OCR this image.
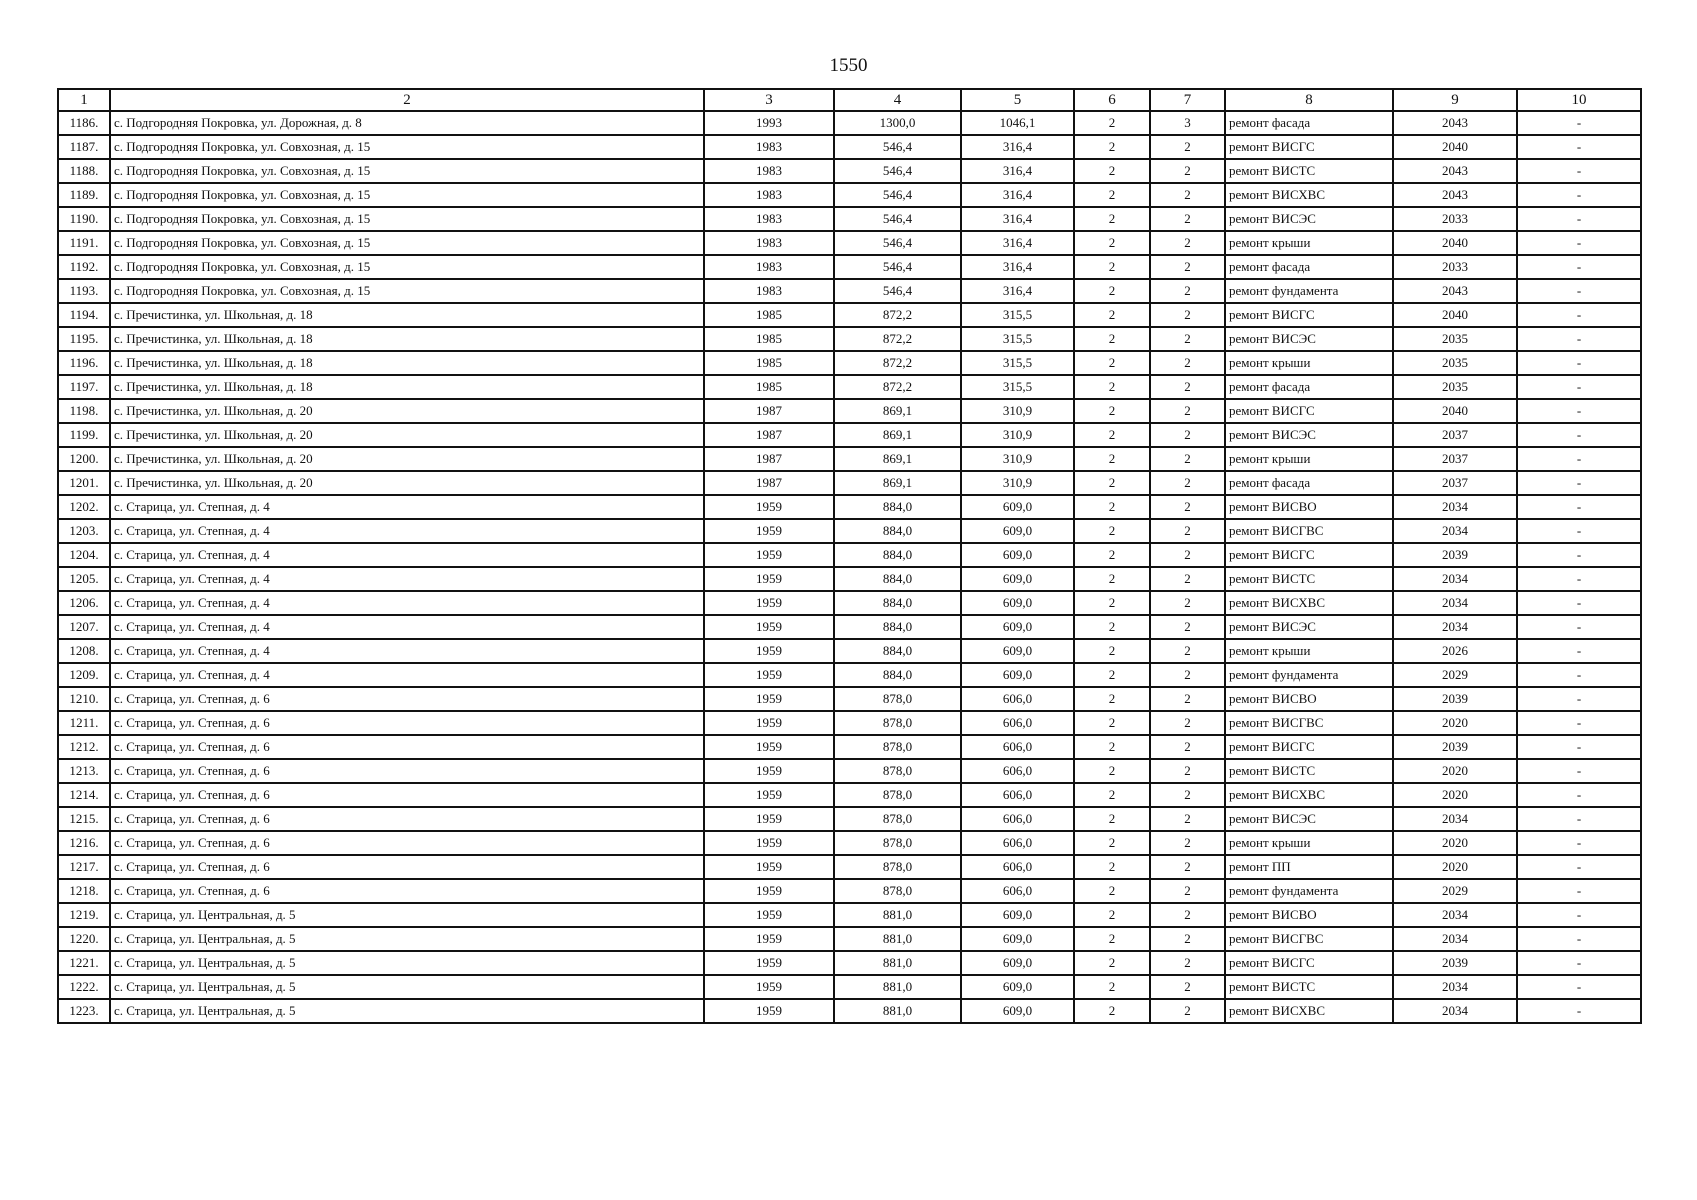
1550
1	2	3	4	5	6	7	8	9	10
1186.	с. Подгородняя Покровка, ул. Дорожная, д. 8	1993	1300,0	1046,1	2	3	ремонт фасада	2043	-
1187.	с. Подгородняя Покровка, ул. Совхозная, д. 15	1983	546,4	316,4	2	2	ремонт ВИСГС	2040	-
1188.	с. Подгородняя Покровка, ул. Совхозная, д. 15	1983	546,4	316,4	2	2	ремонт ВИСТС	2043	-
1189.	с. Подгородняя Покровка, ул. Совхозная, д. 15	1983	546,4	316,4	2	2	ремонт ВИСХВС	2043	-
1190.	с. Подгородняя Покровка, ул. Совхозная, д. 15	1983	546,4	316,4	2	2	ремонт ВИСЭС	2033	-
1191.	с. Подгородняя Покровка, ул. Совхозная, д. 15	1983	546,4	316,4	2	2	ремонт крыши	2040	-
1192.	с. Подгородняя Покровка, ул. Совхозная, д. 15	1983	546,4	316,4	2	2	ремонт фасада	2033	-
1193.	с. Подгородняя Покровка, ул. Совхозная, д. 15	1983	546,4	316,4	2	2	ремонт фундамента	2043	-
1194.	с. Пречистинка, ул. Школьная, д. 18	1985	872,2	315,5	2	2	ремонт ВИСГС	2040	-
1195.	с. Пречистинка, ул. Школьная, д. 18	1985	872,2	315,5	2	2	ремонт ВИСЭС	2035	-
1196.	с. Пречистинка, ул. Школьная, д. 18	1985	872,2	315,5	2	2	ремонт крыши	2035	-
1197.	с. Пречистинка, ул. Школьная, д. 18	1985	872,2	315,5	2	2	ремонт фасада	2035	-
1198.	с. Пречистинка, ул. Школьная, д. 20	1987	869,1	310,9	2	2	ремонт ВИСГС	2040	-
1199.	с. Пречистинка, ул. Школьная, д. 20	1987	869,1	310,9	2	2	ремонт ВИСЭС	2037	-
1200.	с. Пречистинка, ул. Школьная, д. 20	1987	869,1	310,9	2	2	ремонт крыши	2037	-
1201.	с. Пречистинка, ул. Школьная, д. 20	1987	869,1	310,9	2	2	ремонт фасада	2037	-
1202.	с. Старица, ул. Степная, д. 4	1959	884,0	609,0	2	2	ремонт ВИСВО	2034	-
1203.	с. Старица, ул. Степная, д. 4	1959	884,0	609,0	2	2	ремонт ВИСГВС	2034	-
1204.	с. Старица, ул. Степная, д. 4	1959	884,0	609,0	2	2	ремонт ВИСГС	2039	-
1205.	с. Старица, ул. Степная, д. 4	1959	884,0	609,0	2	2	ремонт ВИСТС	2034	-
1206.	с. Старица, ул. Степная, д. 4	1959	884,0	609,0	2	2	ремонт ВИСХВС	2034	-
1207.	с. Старица, ул. Степная, д. 4	1959	884,0	609,0	2	2	ремонт ВИСЭС	2034	-
1208.	с. Старица, ул. Степная, д. 4	1959	884,0	609,0	2	2	ремонт крыши	2026	-
1209.	с. Старица, ул. Степная, д. 4	1959	884,0	609,0	2	2	ремонт фундамента	2029	-
1210.	с. Старица, ул. Степная, д. 6	1959	878,0	606,0	2	2	ремонт ВИСВО	2039	-
1211.	с. Старица, ул. Степная, д. 6	1959	878,0	606,0	2	2	ремонт ВИСГВС	2020	-
1212.	с. Старица, ул. Степная, д. 6	1959	878,0	606,0	2	2	ремонт ВИСГС	2039	-
1213.	с. Старица, ул. Степная, д. 6	1959	878,0	606,0	2	2	ремонт ВИСТС	2020	-
1214.	с. Старица, ул. Степная, д. 6	1959	878,0	606,0	2	2	ремонт ВИСХВС	2020	-
1215.	с. Старица, ул. Степная, д. 6	1959	878,0	606,0	2	2	ремонт ВИСЭС	2034	-
1216.	с. Старица, ул. Степная, д. 6	1959	878,0	606,0	2	2	ремонт крыши	2020	-
1217.	с. Старица, ул. Степная, д. 6	1959	878,0	606,0	2	2	ремонт ПП	2020	-
1218.	с. Старица, ул. Степная, д. 6	1959	878,0	606,0	2	2	ремонт фундамента	2029	-
1219.	с. Старица, ул. Центральная, д. 5	1959	881,0	609,0	2	2	ремонт ВИСВО	2034	-
1220.	с. Старица, ул. Центральная, д. 5	1959	881,0	609,0	2	2	ремонт ВИСГВС	2034	-
1221.	с. Старица, ул. Центральная, д. 5	1959	881,0	609,0	2	2	ремонт ВИСГС	2039	-
1222.	с. Старица, ул. Центральная, д. 5	1959	881,0	609,0	2	2	ремонт ВИСТС	2034	-
1223.	с. Старица, ул. Центральная, д. 5	1959	881,0	609,0	2	2	ремонт ВИСХВС	2034	-
